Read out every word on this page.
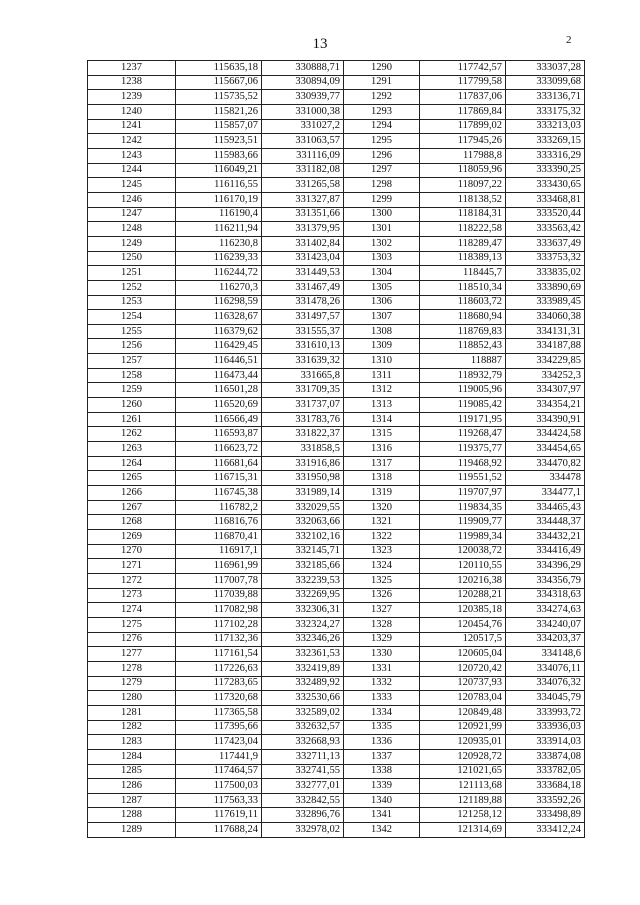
13	2
1237	115635,18	330888,71	1290	117742,57	333037,28
1238	115667,06	330894,09	1291	117799,58	333099,68
1239	115735,52	330939,77	1292	117837,06	333136,71
1240	115821,26	331000,38	1293	117869,84	333175,32
1241	115857,07	331027,2	1294	117899,02	333213,03
1242	115923,51	331063,57	1295	117945,26	333269,15
1243	115983,66	331116,09	1296	117988,8	333316,29
1244	116049,21	331182,08	1297	118059,96	333390,25
1245	116116,55	331265,58	1298	118097,22	333430,65
1246	116170,19	331327,87	1299	118138,52	333468,81
1247	116190,4	331351,66	1300	118184,31	333520,44
1248	116211,94	331379,95	1301	118222,58	333563,42
1249	116230,8	331402,84	1302	118289,47	333637,49
1250	116239,33	331423,04	1303	118389,13	333753,32
1251	116244,72	331449,53	1304	118445,7	333835,02
1252	116270,3	331467,49	1305	118510,34	333890,69
1253	116298,59	331478,26	1306	118603,72	333989,45
1254	116328,67	331497,57	1307	118680,94	334060,38
1255	116379,62	331555,37	1308	118769,83	334131,31
1256	116429,45	331610,13	1309	118852,43	334187,88
1257	116446,51	331639,32	1310	118887	334229,85
1258	116473,44	331665,8	1311	118932,79	334252,3
1259	116501,28	331709,35	1312	119005,96	334307,97
1260	116520,69	331737,07	1313	119085,42	334354,21
1261	116566,49	331783,76	1314	119171,95	334390,91
1262	116593,87	331822,37	1315	119268,47	334424,58
1263	116623,72	331858,5	1316	119375,77	334454,65
1264	116681,64	331916,86	1317	119468,92	334470,82
1265	116715,31	331950,98	1318	119551,52	334478
1266	116745,38	331989,14	1319	119707,97	334477,1
1267	116782,2	332029,55	1320	119834,35	334465,43
1268	116816,76	332063,66	1321	119909,77	334448,37
1269	116870,41	332102,16	1322	119989,34	334432,21
1270	116917,1	332145,71	1323	120038,72	334416,49
1271	116961,99	332185,66	1324	120110,55	334396,29
1272	117007,78	332239,53	1325	120216,38	334356,79
1273	117039,88	332269,95	1326	120288,21	334318,63
1274	117082,98	332306,31	1327	120385,18	334274,63
1275	117102,28	332324,27	1328	120454,76	334240,07
1276	117132,36	332346,26	1329	120517,5	334203,37
1277	117161,54	332361,53	1330	120605,04	334148,6
1278	117226,63	332419,89	1331	120720,42	334076,11
1279	117283,65	332489,92	1332	120737,93	334076,32
1280	117320,68	332530,66	1333	120783,04	334045,79
1281	117365,58	332589,02	1334	120849,48	333993,72
1282	117395,66	332632,57	1335	120921,99	333936,03
1283	117423,04	332668,93	1336	120935,01	333914,03
1284	117441,9	332711,13	1337	120928,72	333874,08
1285	117464,57	332741,55	1338	121021,65	333782,05
1286	117500,03	332777,01	1339	121113,68	333684,18
1287	117563,33	332842,55	1340	121189,88	333592,26
1288	117619,11	332896,76	1341	121258,12	333498,89
1289	117688,24	332978,02	1342	121314,69	333412,24
